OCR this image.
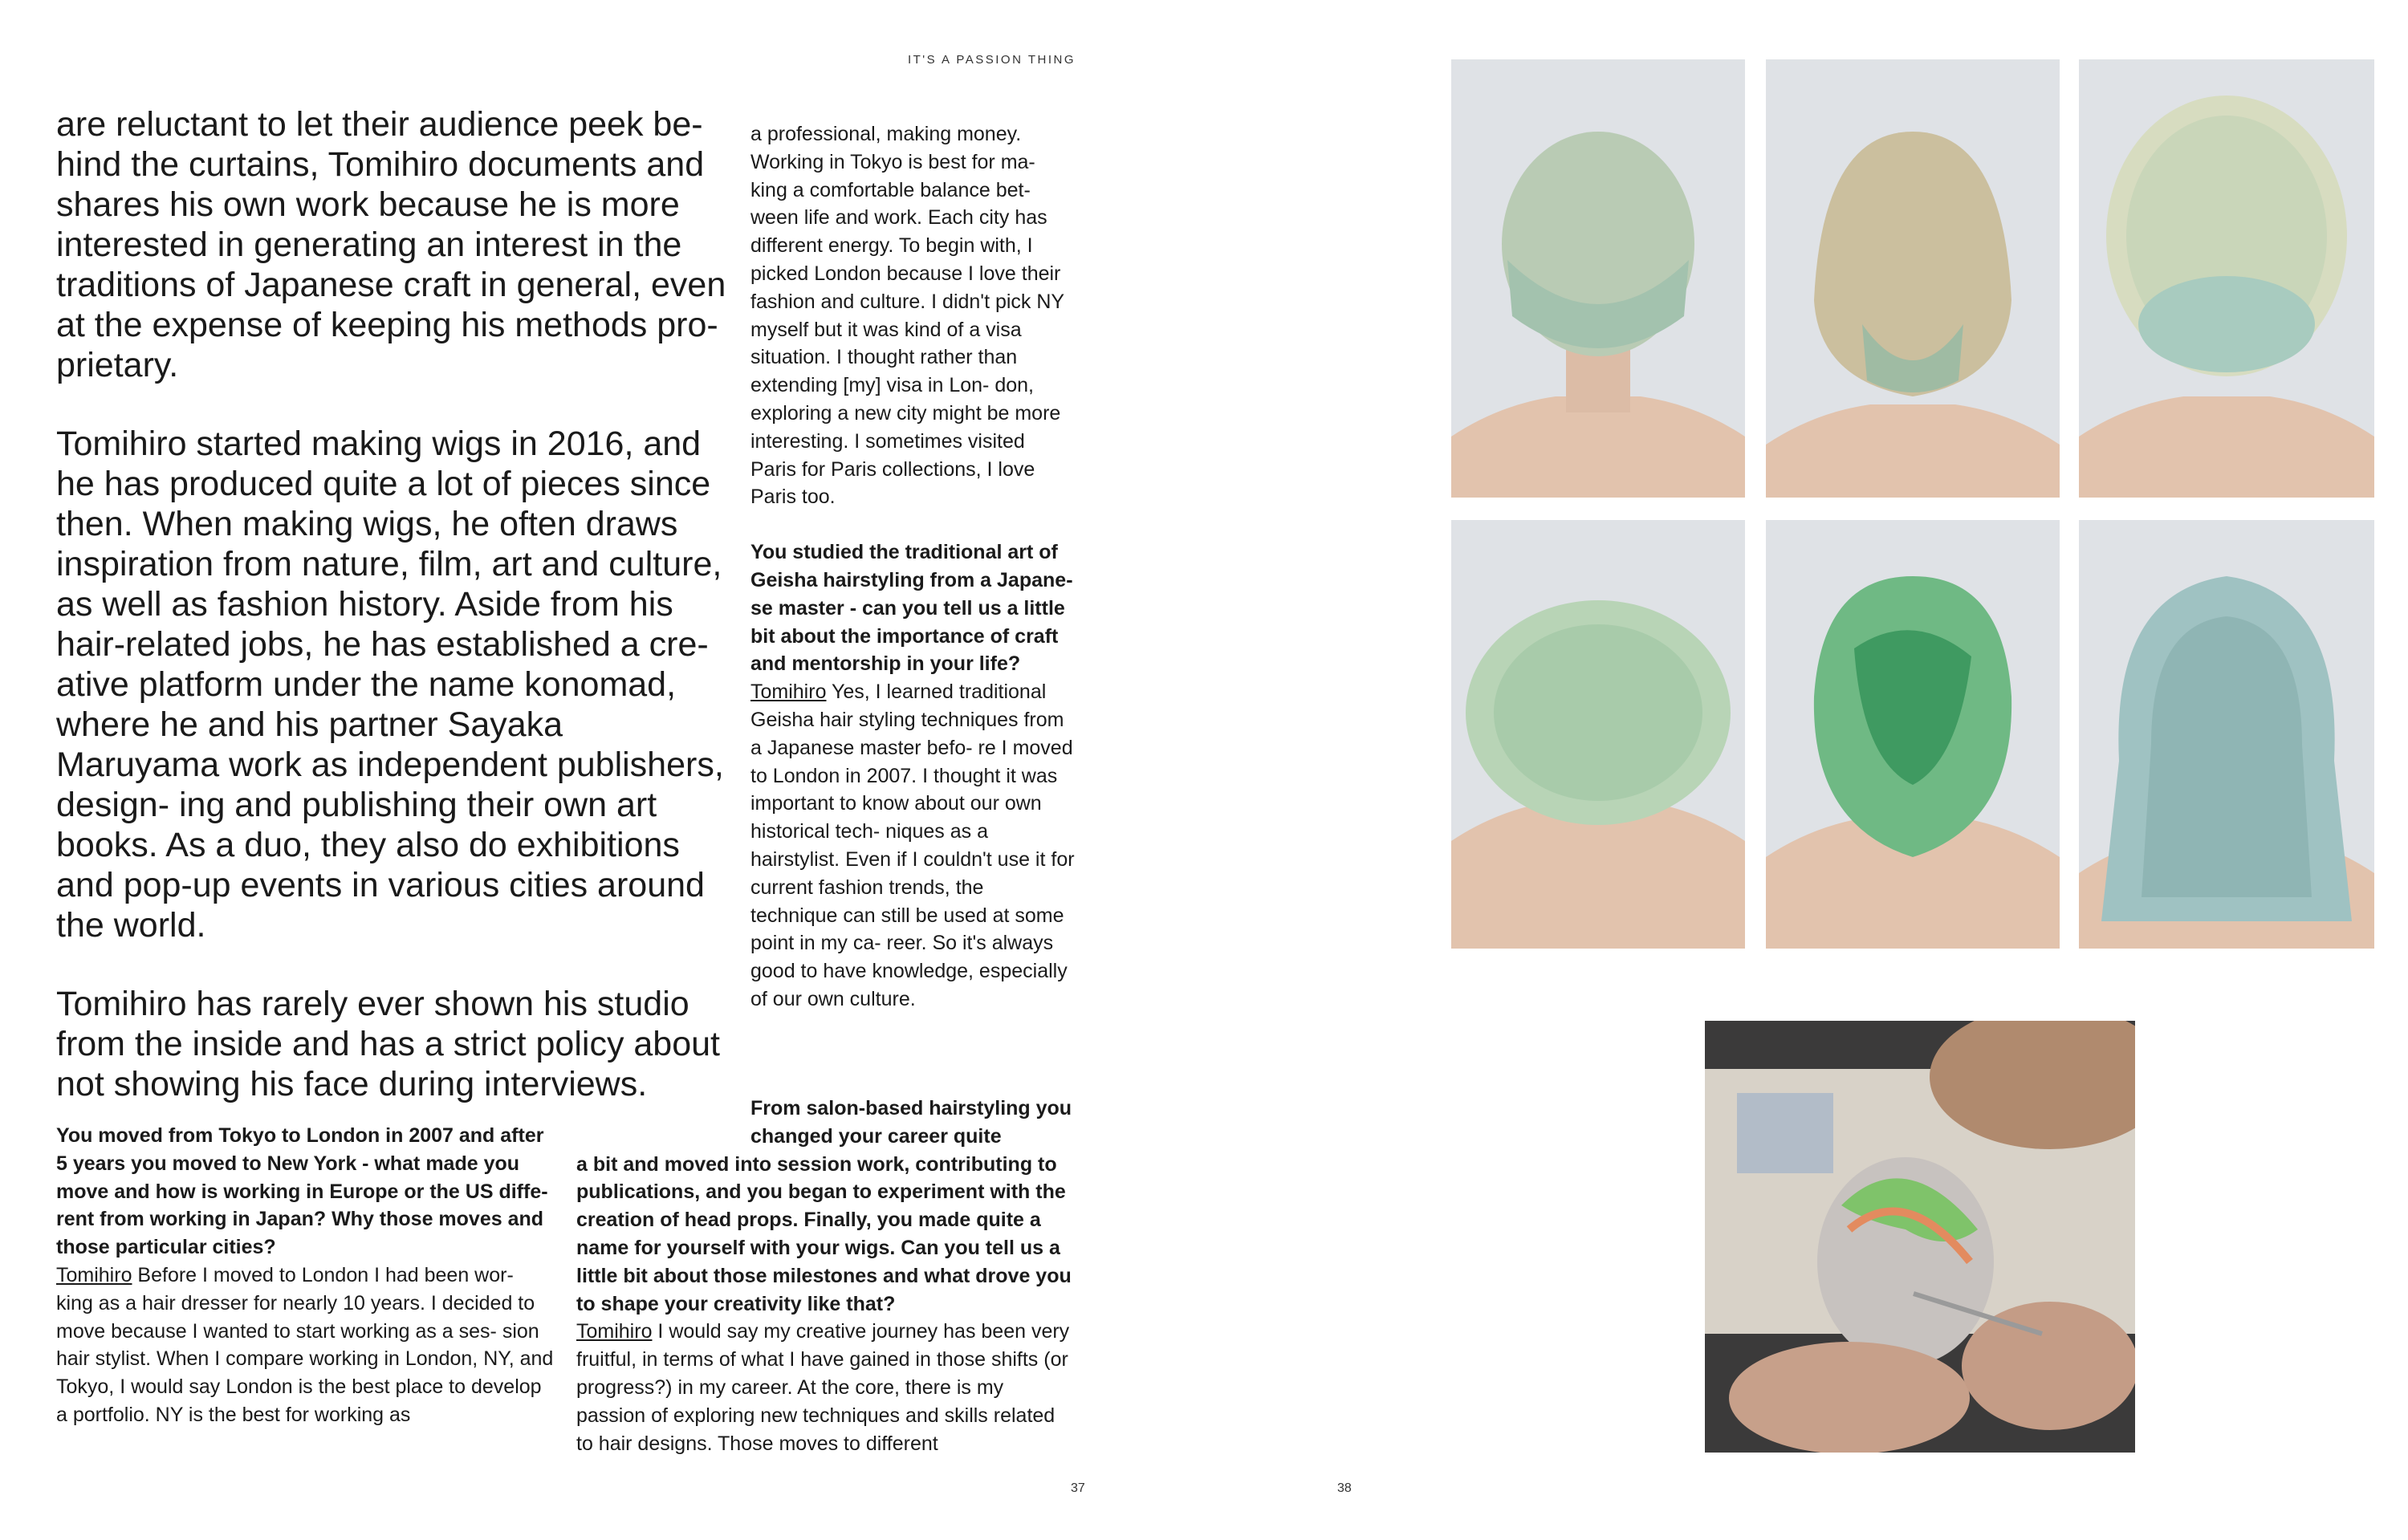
IT'S A PASSION THING

are reluctant to let their audience peek be- hind the curtains, Tomihiro documents and shares his own work because he is more interested in generating an interest in the traditions of Japanese craft in general, even at the expense of keeping his methods pro- prietary.

Tomihiro started making wigs in 2016, and he has produced quite a lot of pieces since then. When making wigs, he often draws inspiration from nature, film, art and culture, as well as fashion history. Aside from his hair-related jobs, he has established a cre- ative platform under the name konomad, where he and his partner Sayaka Maruyama work as independent publishers, design- ing and publishing their own art books. As a duo, they also do exhibitions and pop-up events in various cities around the world.

Tomihiro has rarely ever shown his studio from the inside and has a strict policy about not showing his face during interviews.

a professional, making money. Working in Tokyo is best for ma- king a comfortable balance bet- ween life and work. Each city has different energy. To begin with, I picked London because I love their fashion and culture. I didn't pick NY myself but it was kind of a visa situation. I thought rather than extending [my] visa in Lon- don, exploring a new city might be more interesting. I sometimes visited Paris for Paris collections, I love Paris too.

You studied the traditional art of Geisha hairstyling from a Japane- se master - can you tell us a little bit about the importance of craft and mentorship in your life?
Tomihiro Yes, I learned traditional Geisha hair styling techniques from a Japanese master befo- re I moved to London in 2007. I thought it was important to know about our own historical tech- niques as a hairstylist. Even if I couldn't use it for current fashion trends, the technique can still be used at some point in my ca- reer. So it's always good to have knowledge, especially of our own culture.

You moved from Tokyo to London in 2007 and after 5 years you moved to New York - what made you move and how is working in Europe or the US diffe- rent from working in Japan? Why those moves and those particular cities?
Tomihiro Before I moved to London I had been wor- king as a hair dresser for nearly 10 years. I decided to move because I wanted to start working as a ses- sion hair stylist. When I compare working in London, NY, and Tokyo, I would say London is the best place to develop a portfolio. NY is the best for working as
From salon-based hairstyling you changed your career quite
a bit and moved into session work, contributing to publications, and you began to experiment with the creation of head props. Finally, you made quite a name for yourself with your wigs. Can you tell us a little bit about those milestones and what drove you to shape your creativity like that?
Tomihiro I would say my creative journey has been very fruitful, in terms of what I have gained in those shifts (or progress?) in my career. At the core, there is my passion of exploring new techniques and skills related to hair designs. Those moves to different
37	38
